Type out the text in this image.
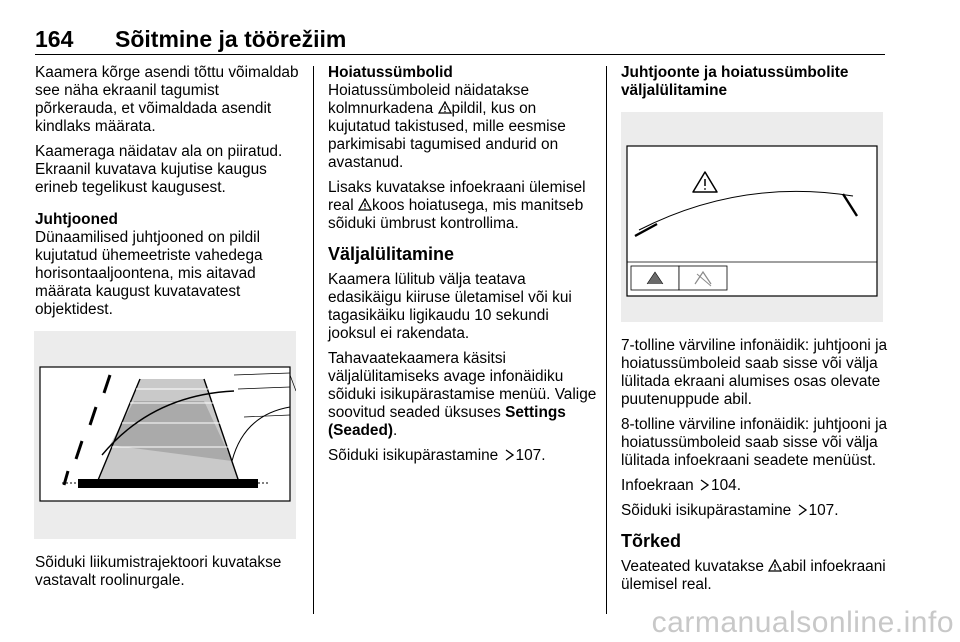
164 Sõitmine ja töörežiim

Kaamera kõrge asendi tõttu võimaldab see näha ekraanil tagumist põrkerauda, et võimaldada asendit kindlaks määrata.

Kaameraga näidatav ala on piiratud. Ekraanil kuvatava kujutise kaugus erineb tegelikust kaugusest.

Juhtjooned

Dünaamilised juhtjooned on pildil kujutatud ühemeetriste vahedega horisontaaljoontena, mis aitavad määrata kaugust kuvatavatest objektidest.

Sõiduki liikumistrajektoori kuvatakse vastavalt roolinurgale.

Hoiatussümbolid

Hoiatussümboleid näidatakse kolmnurkadena pildil, kus on kujutatud takistused, mille eesmise parkimisabi tagumised andurid on avastanud.

Lisaks kuvatakse infoekraani ülemisel real koos hoiatusega, mis manitseb sõiduki ümbrust kontrollima.

Väljalülitamine

Kaamera lülitub välja teatava edasikäigu kiiruse ületamisel või kui tagasikäiku ligikaudu 10 sekundi jooksul ei rakendata.

Tahavaatekaamera käsitsi väljalülitamiseks avage infonäidiku sõiduki isikupärastamise menüü. Valige soovitud seaded üksuses Settings (Seaded).

Sõiduki isikupärastamine 107.

Juhtjoonte ja hoiatussümbolite väljalülitamine

7-tolline värviline infonäidik: juhtjooni ja hoiatussümboleid saab sisse või välja lülitada ekraani alumises osas olevate puutenuppude abil.

8-tolline värviline infonäidik: juhtjooni ja hoiatussümboleid saab sisse või välja lülitada infoekraani seadete menüüst.

Infoekraan 104.

Sõiduki isikupärastamine 107.

Tõrked

Veateated kuvatakse abil infoekraani ülemisel real.

carmanualsonline.info
